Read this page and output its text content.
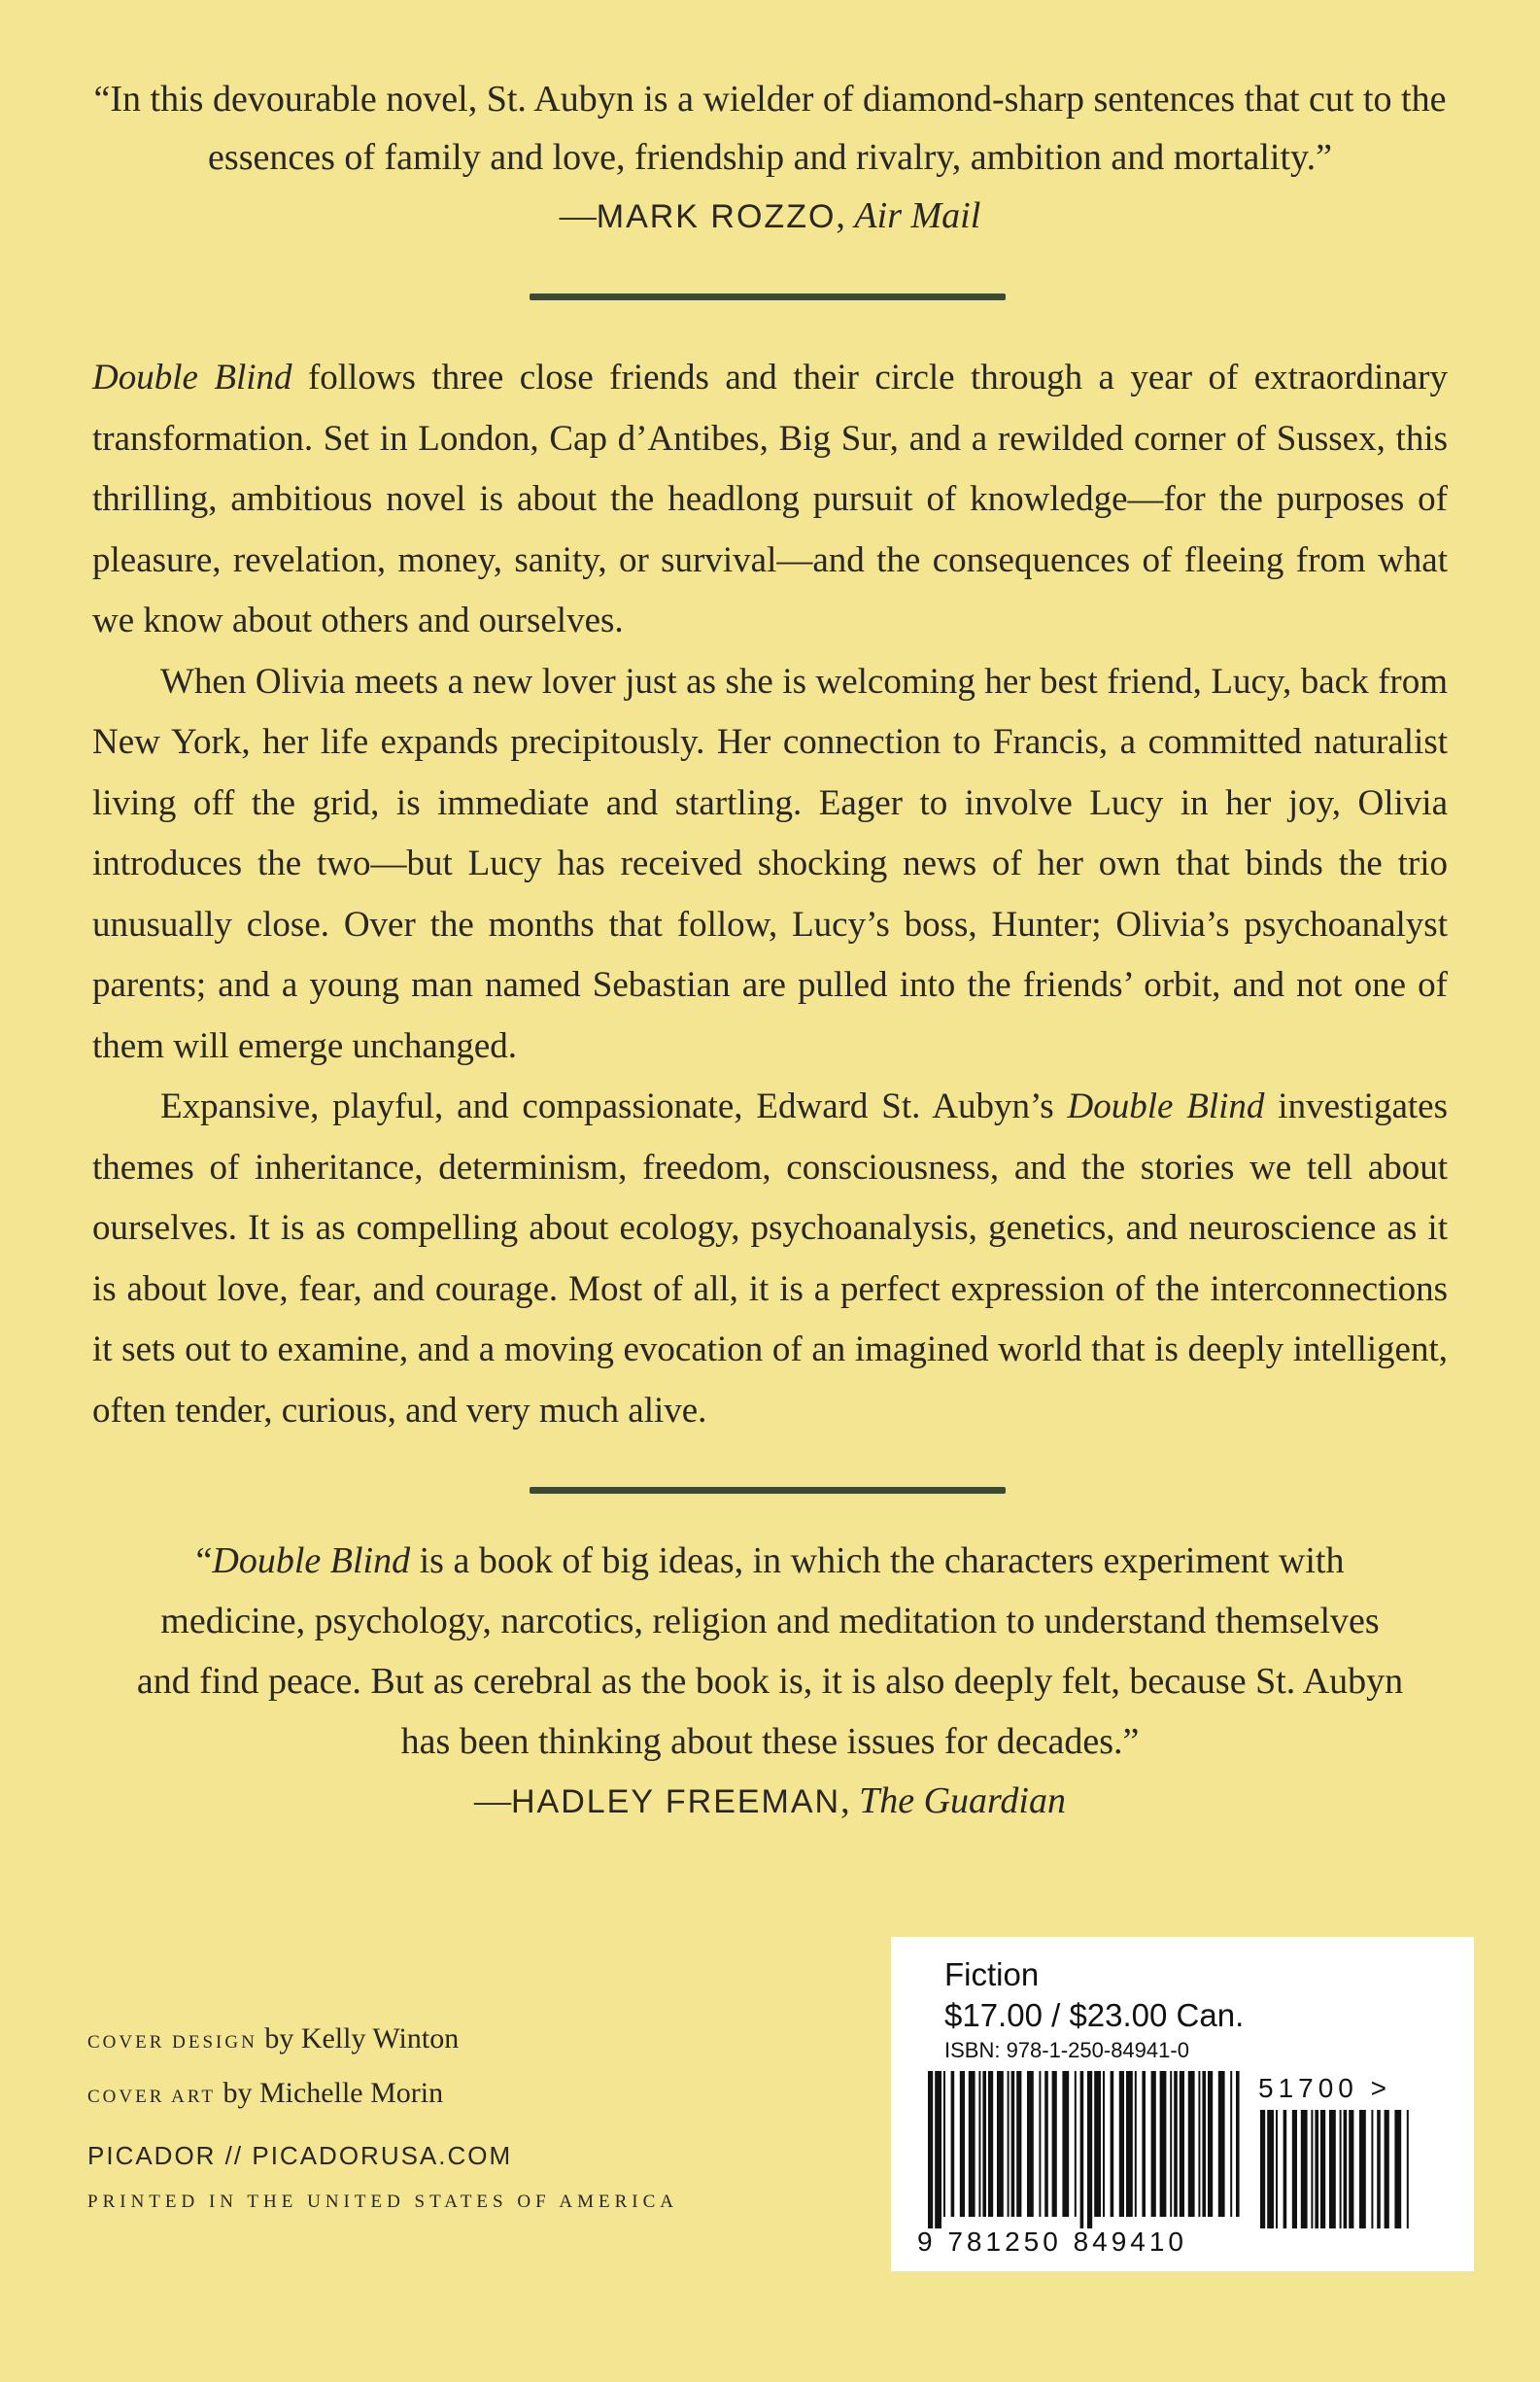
“In this devourable novel, St. Aubyn is a wielder of diamond-sharp sentences that cut to the essences of family and love, friendship and rivalry, ambition and mortality.”
—MARK ROZZO, Air Mail

Double Blind follows three close friends and their circle through a year of extraordinary transformation. Set in London, Cap d’Antibes, Big Sur, and a rewilded corner of Sussex, this thrilling, ambitious novel is about the headlong pursuit of knowledge—for the purposes of pleasure, revelation, money, sanity, or survival—and the consequences of fleeing from what we know about others and ourselves.

When Olivia meets a new lover just as she is welcoming her best friend, Lucy, back from New York, her life expands precipitously. Her connection to Francis, a committed naturalist living off the grid, is immediate and startling. Eager to involve Lucy in her joy, Olivia introduces the two—but Lucy has received shocking news of her own that binds the trio unusually close. Over the months that follow, Lucy’s boss, Hunter; Olivia’s psychoanalyst parents; and a young man named Sebastian are pulled into the friends’ orbit, and not one of them will emerge unchanged.

Expansive, playful, and compassionate, Edward St. Aubyn’s Double Blind investigates themes of inheritance, determinism, freedom, consciousness, and the stories we tell about ourselves. It is as compelling about ecology, psychoanalysis, genetics, and neuroscience as it is about love, fear, and courage. Most of all, it is a perfect expression of the interconnections it sets out to examine, and a moving evocation of an imagined world that is deeply intelligent, often tender, curious, and very much alive.

“Double Blind is a book of big ideas, in which the characters experiment with medicine, psychology, narcotics, religion and meditation to understand themselves and find peace. But as cerebral as the book is, it is also deeply felt, because St. Aubyn has been thinking about these issues for decades.”
—HADLEY FREEMAN, The Guardian
COVER DESIGN by Kelly Winton
COVER ART by Michelle Morin
PICADOR // PICADORUSA.COM
PRINTED IN THE UNITED STATES OF AMERICA
Fiction
$17.00 / $23.00 Can.
ISBN: 978-1-250-84941-0
51700 >
9 781250 849410
